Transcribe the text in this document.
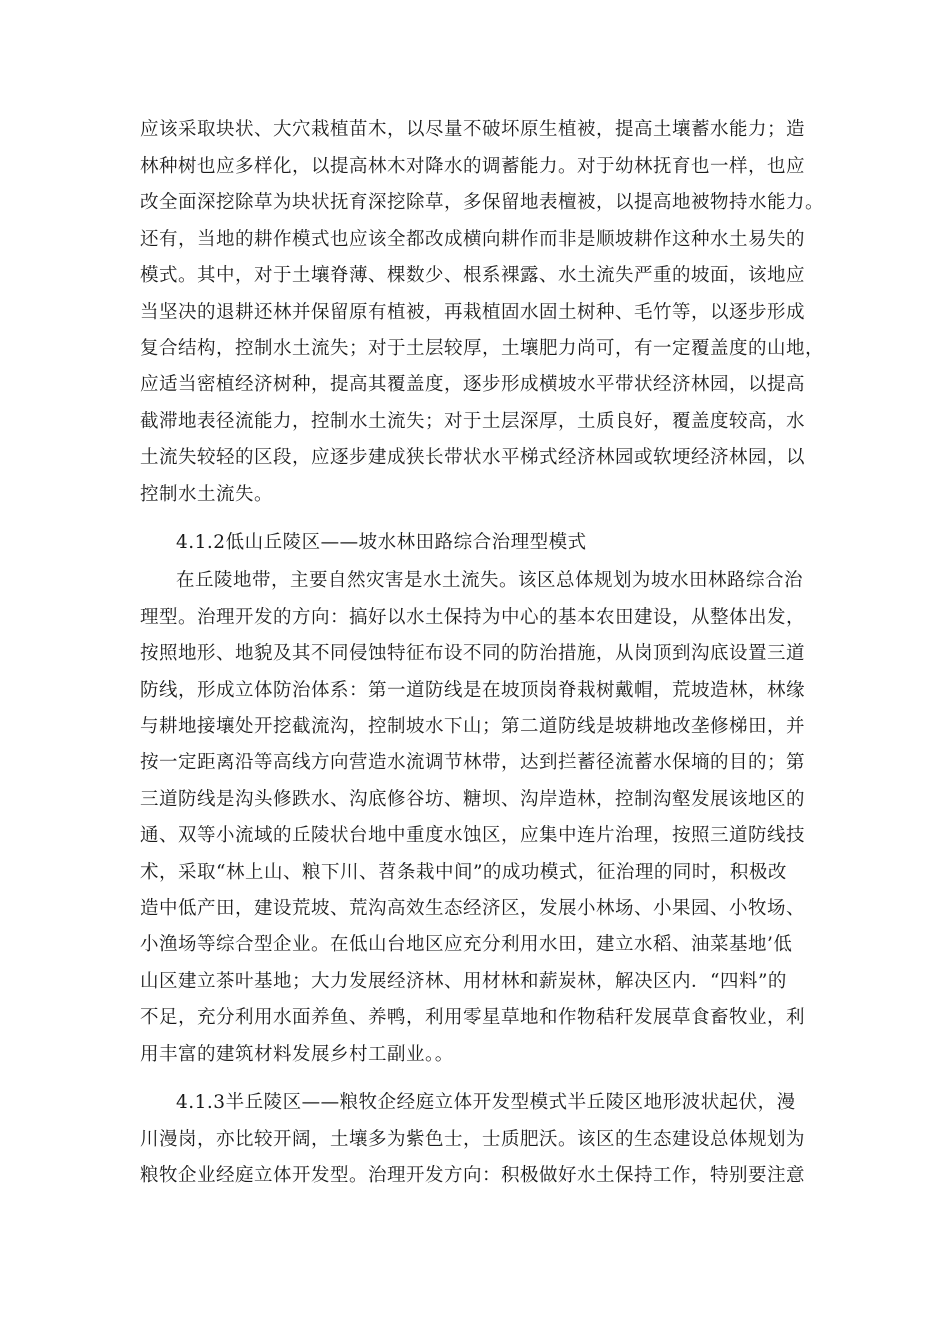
应该采取块状、大穴栽植苗木，以尽量不破坏原生植被，提高土壤蓄水能力；造
林种树也应多样化，以提高林木对降水的调蓄能力。对于幼林抚育也一样，也应
改全面深挖除草为块状抚育深挖除草，多保留地表檀被，以提高地被物持水能力。
还有，当地的耕作模式也应该全都改成横向耕作而非是顺坡耕作这种水土易失的
模式。其中，对于土壤脊薄、棵数少、根系裸露、水土流失严重的坡面，该地应
当坚决的退耕还林并保留原有植被，再栽植固水固土树种、毛竹等，以逐步形成
复合结构，控制水土流失；对于土层较厚，土壤肥力尚可，有一定覆盖度的山地，
应适当密植经济树种，提高其覆盖度，逐步形成横坡水平带状经济林园，以提高
截滞地表径流能力，控制水土流失；对于土层深厚，土质良好，覆盖度较高，水
土流失较轻的区段，应逐步建成狭长带状水平梯式经济林园或软埂经济林园，以
控制水土流失。
4.1.2低山丘陵区——坡水林田路综合治理型模式
在丘陵地带，主要自然灾害是水土流失。该区总体规划为坡水田林路综合治
理型。治理开发的方向：搞好以水土保持为中心的基本农田建设，从整体出发，
按照地形、地貌及其不同侵蚀特征布设不同的防治措施，从岗顶到沟底设置三道
防线，形成立体防治体系：第一道防线是在坡顶岗脊栽树戴帽，荒坡造林，林缘
与耕地接壤处开挖截流沟，控制坡水下山；第二道防线是坡耕地改垄修梯田，并
按一定距离沿等高线方向营造水流调节林带，达到拦蓄径流蓄水保墒的目的；第
三道防线是沟头修跌水、沟底修谷坊、糖坝、沟岸造林，控制沟壑发展该地区的
通、双等小流域的丘陵状台地中重度水蚀区，应集中连片治理，按照三道防线技
术，采取“林上山、粮下川、苕条栽中间”的成功模式，征治理的同时，积极改
造中低产田，建设荒坡、荒沟高效生态经济区，发展小林场、小果园、小牧场、
小渔场等综合型企业。在低山台地区应充分利用水田，建立水稻、油菜基地’低
山区建立茶叶基地；大力发展经济林、用材林和薪炭林，解决区内．“四料”的
不足，充分利用水面养鱼、养鸭，利用零星草地和作物秸秆发展草食畜牧业，利
用丰富的建筑材料发展乡村工副业。。
4.1.3半丘陵区——粮牧企经庭立体开发型模式半丘陵区地形波状起伏，漫
川漫岗，亦比较开阔，土壤多为紫色士，士质肥沃。该区的生态建设总体规划为
粮牧企业经庭立体开发型。治理开发方向：积极做好水土保持工作，特别要注意
